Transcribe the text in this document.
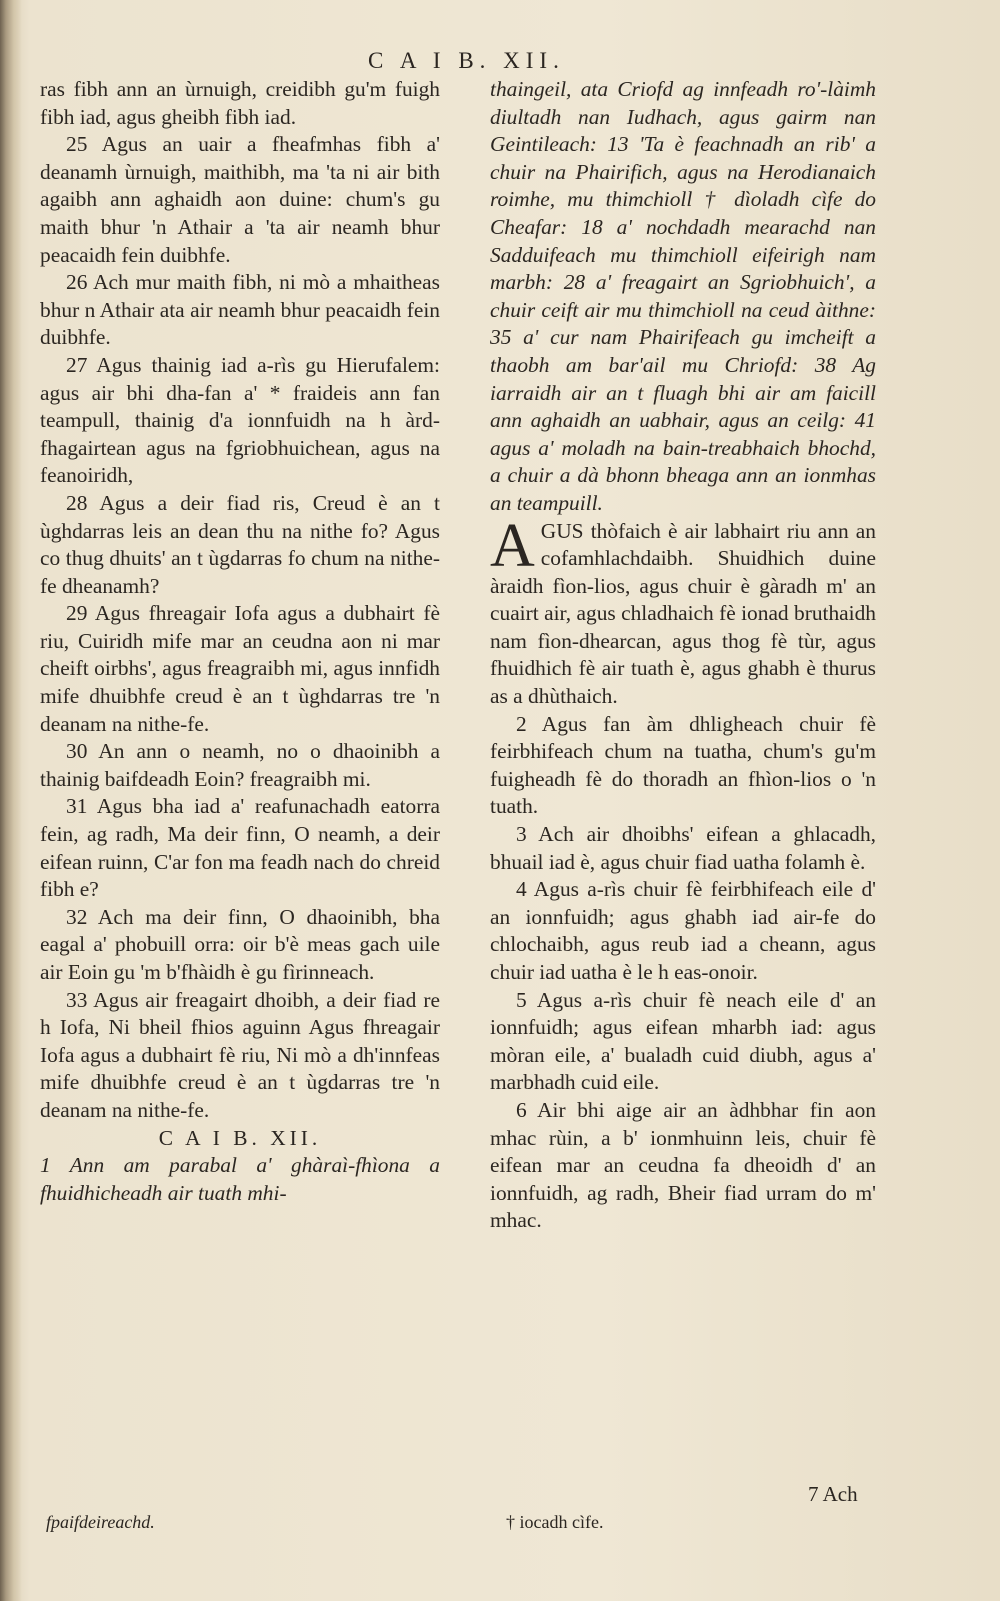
C A I B. XII.

ras fibh ann an ùrnuigh, creidibh gu'm fuigh fibh iad, agus gheibh fibh iad.

25 Agus an uair a fheafmhas fibh a' deanamh ùrnuigh, maithibh, ma 'ta ni air bith agaibh ann aghaidh aon duine: chum's gu maith bhur 'n Athair a 'ta air neamh bhur peacaidh fein duibhfe.

26 Ach mur maith fibh, ni mò a mhaitheas bhur n Athair ata air neamh bhur peacaidh fein duibhfe.

27 Agus thainig iad a-rìs gu Hierufalem: agus air bhi dha-fan a' * fraideis ann fan teampull, thainig d'a ionnfuidh na h àrd-fhagairtean agus na fgriobhuichean, agus na feanoiridh,

28 Agus a deir fiad ris, Creud è an t ùghdarras leis an dean thu na nithe fo? Agus co thug dhuits' an t ùgdarras fo chum na nithe-fe dheanamh?

29 Agus fhreagair Iofa agus a dubhairt fè riu, Cuiridh mife mar an ceudna aon ni mar cheift oirbhs', agus freagraibh mi, agus innfidh mife dhuibhfe creud è an t ùghdarras tre 'n deanam na nithe-fe.

30 An ann o neamh, no o dhaoinibh a thainig baifdeadh Eoin? freagraibh mi.

31 Agus bha iad a' reafunachadh eatorra fein, ag radh, Ma deir finn, O neamh, a deir eifean ruinn, C'ar fon ma feadh nach do chreid fibh e?

32 Ach ma deir finn, O dhaoinibh, bha eagal a' phobuill orra: oir b'è meas gach uile air Eoin gu 'm b'fhàidh è gu fìrinneach.

33 Agus air freagairt dhoibh, a deir fiad re h Iofa, Ni bheil fhios aguinn Agus fhreagair Iofa agus a dubhairt fè riu, Ni mò a dh'innfeas mife dhuibhfe creud è an t ùgdarras tre 'n deanam na nithe-fe.

C A I B. XII.

1 Ann am parabal a' ghàraì-fhìona a fhuidhicheadh air tuath mhi-

thaingeil, ata Criofd ag innfeadh ro'-làimh diultadh nan Iudhach, agus gairm nan Geintileach: 13 'Ta è feachnadh an rib' a chuir na Phairifich, agus na Herodianaich roimhe, mu thimchioll † dìoladh cìfe do Cheafar: 18 a' nochdadh mearachd nan Sadduifeach mu thimchioll eifeirigh nam marbh: 28 a' freagairt an Sgriobhuich', a chuir ceift air mu thimchioll na ceud àithne: 35 a' cur nam Phairifeach gu imcheift a thaobh am bar'ail mu Chriofd: 38 Ag iarraidh air an t fluagh bhi air am faicill ann aghaidh an uabhair, agus an ceilg: 41 agus a' moladh na bain-treabhaich bhochd, a chuir a dà bhonn bheaga ann an ionmhas an teampuill.

AGUS thòfaich è air labhairt riu ann an cofamhlachdaibh. Shuidhich duine àraidh fìon-lios, agus chuir è gàradh m' an cuairt air, agus chladhaich fè ionad bruthaidh nam fìon-dhearcan, agus thog fè tùr, agus fhuidhich fè air tuath è, agus ghabh è thurus as a dhùthaich.

2 Agus fan àm dhligheach chuir fè feirbhifeach chum na tuatha, chum's gu'm fuigheadh fè do thoradh an fhìon-lios o 'n tuath.

3 Ach air dhoibhs' eifean a ghlacadh, bhuail iad è, agus chuir fiad uatha folamh è.

4 Agus a-rìs chuir fè feirbhifeach eile d' an ionnfuidh; agus ghabh iad air-fe do chlochaibh, agus reub iad a cheann, agus chuir iad uatha è le h eas-onoir.

5 Agus a-rìs chuir fè neach eile d' an ionnfuidh; agus eifean mharbh iad: agus mòran eile, a' bualadh cuid diubh, agus a' marbhadh cuid eile.

6 Air bhi aige air an àdhbhar fin aon mhac rùin, a b' ionmhuinn leis, chuir fè eifean mar an ceudna fa dheoidh d' an ionnfuidh, ag radh, Bheir fiad urram do m' mhac.

7 Ach
fpaifdeireachd.	† iocadh cìfe.
